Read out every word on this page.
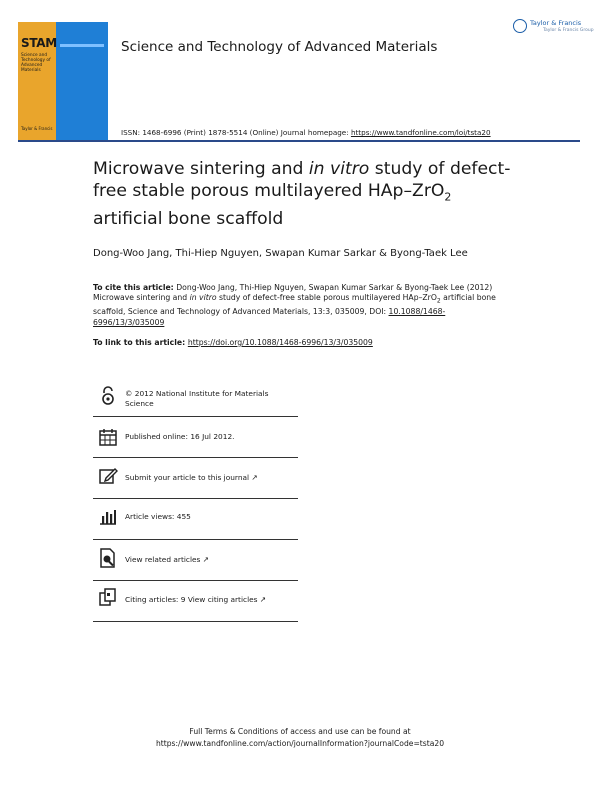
STAM
Science and Technology of Advanced Materials
Taylor & Francis
Science and Technology of Advanced Materials
Taylor & Francis
Taylor & Francis Group
ISSN: 1468-6996 (Print) 1878-5514 (Online) Journal homepage: https://www.tandfonline.com/loi/tsta20
Microwave sintering and in vitro study of defect-free stable porous multilayered HAp–ZrO$_2$ artificial bone scaffold
Dong-Woo Jang, Thi-Hiep Nguyen, Swapan Kumar Sarkar & Byong-Taek Lee
To cite this article: Dong-Woo Jang, Thi-Hiep Nguyen, Swapan Kumar Sarkar & Byong-Taek Lee (2012) Microwave sintering and in vitro study of defect-free stable porous multilayered HAp–ZrO$_2$ artificial bone scaffold, Science and Technology of Advanced Materials, 13:3, 035009, DOI: 10.1088/1468-6996/13/3/035009
To link to this article: https://doi.org/10.1088/1468-6996/13/3/035009
© 2012 National Institute for Materials Science
Published online: 16 Jul 2012.
Submit your article to this journal ↗
Article views: 455
View related articles ↗
Citing articles: 9 View citing articles ↗
Full Terms & Conditions of access and use can be found at
https://www.tandfonline.com/action/journalInformation?journalCode=tsta20
